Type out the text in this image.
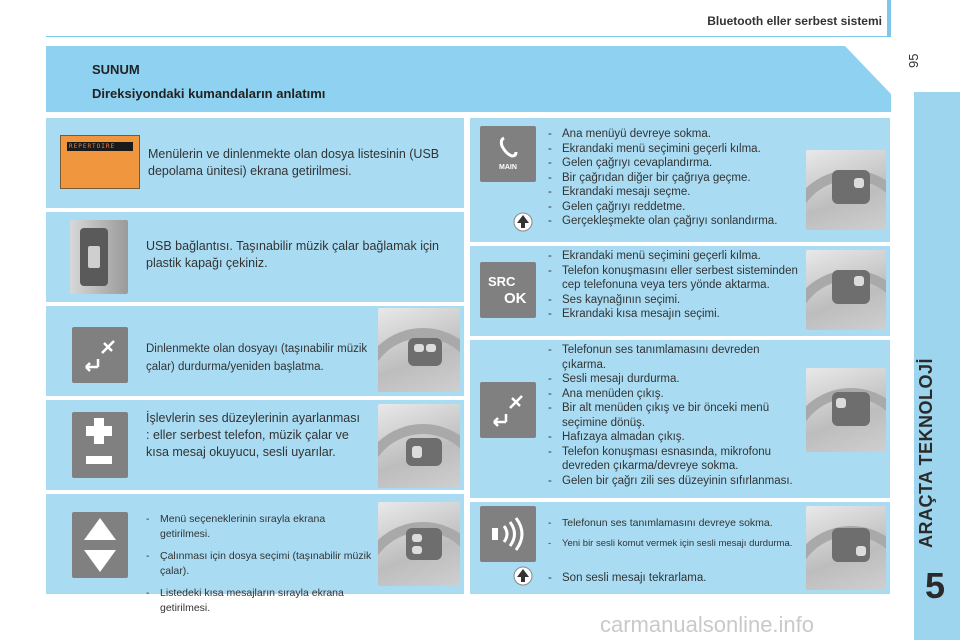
Bluetooth eller serbest sistemi
95
ARAÇTA TEKNOLOJİ
5
SUNUM
Direksiyondaki kumandaların anlatımı
REPERTOIRE
Menülerin ve dinlenmekte olan dosya listesinin (USB depolama ünitesi) ekrana getirilmesi.
USB bağlantısı. Taşınabilir müzik çalar bağlamak için plastik kapağı çekiniz.
Dinlenmekte olan dosyayı (taşınabilir müzik çalar) durdurma/yeniden başlatma.
İşlevlerin ses düzeylerinin ayarlanması : eller serbest telefon, müzik çalar ve kısa mesaj okuyucu, sesli uyarılar.
- Menü seçeneklerinin sırayla ekrana getirilmesi.
- Çalınması için dosya seçimi (taşınabilir müzik çalar).
- Listedeki kısa mesajların sırayla ekrana getirilmesi.
MAIN
- Ana menüyü devreye sokma.
- Ekrandaki menü seçimini geçerli kılma.
- Gelen çağrıyı cevaplandırma.
- Bir çağrıdan diğer bir çağrıya geçme.
- Ekrandaki mesajı seçme.
- Gelen çağrıyı reddetme.
- Gerçekleşmekte olan çağrıyı sonlandırma.
SRC
OK
- Ekrandaki menü seçimini geçerli kılma.
- Telefon konuşmasını eller serbest sisteminden cep telefonuna veya ters yönde aktarma.
- Ses kaynağının seçimi.
- Ekrandaki kısa mesajın seçimi.
- Telefonun ses tanımlamasını devreden çıkarma.
- Sesli mesajı durdurma.
- Ana menüden çıkış.
- Bir alt menüden çıkış ve bir önceki menü seçimine dönüş.
- Hafızaya almadan çıkış.
- Telefon konuşması esnasında, mikrofonu devreden çıkarma/devreye sokma.
- Gelen bir çağrı zili ses düzeyinin sıfırlanması.
- Telefonun ses tanımlamasını devreye sokma.
- Yeni bir sesli komut vermek için sesli mesajı durdurma.
- Son sesli mesajı tekrarlama.
carmanualsonline.info
